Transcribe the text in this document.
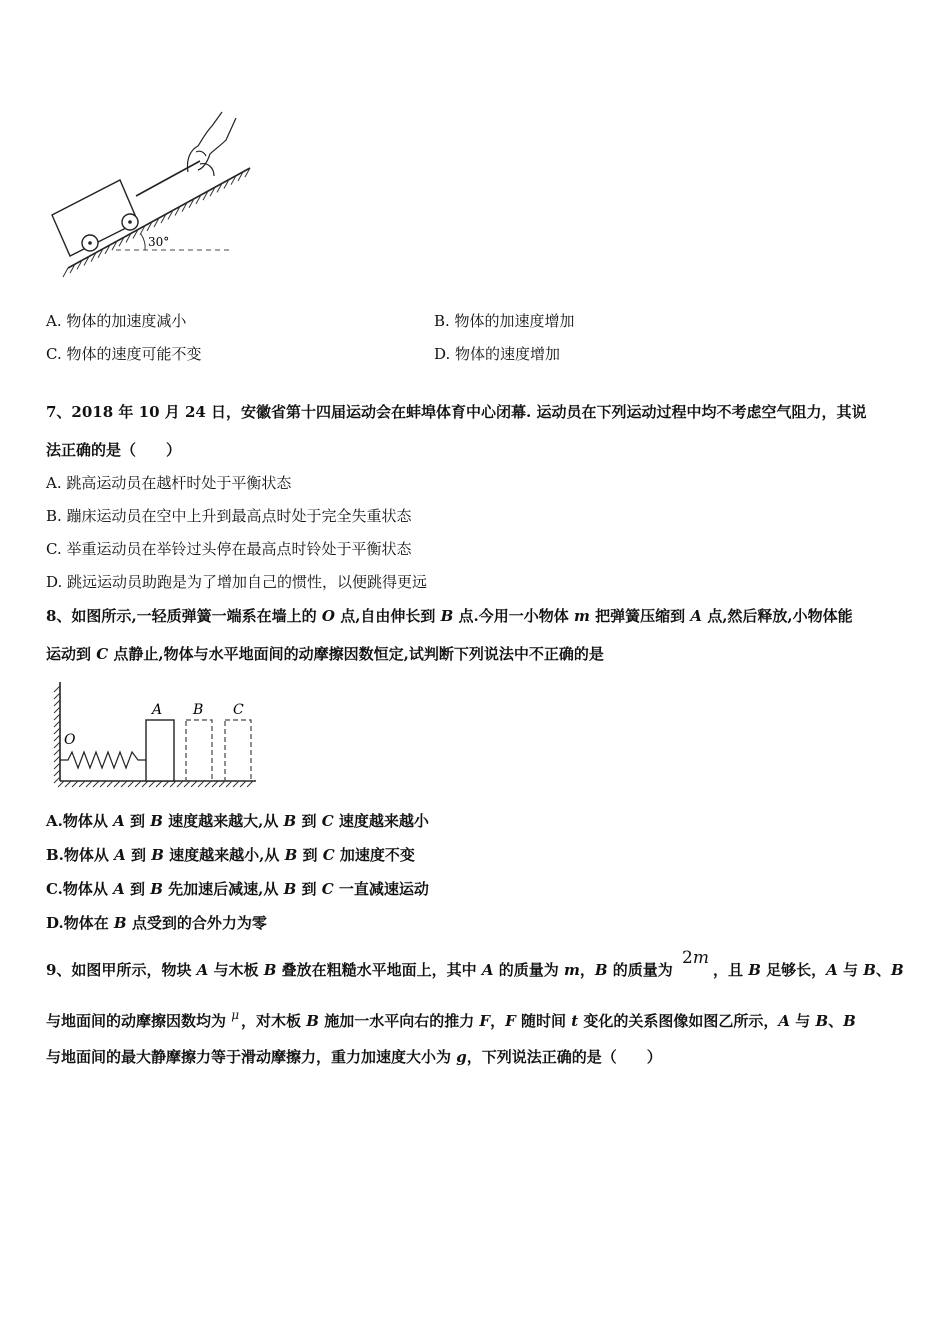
30°
A. 物体的加速度减小	B. 物体的加速度增加
C. 物体的速度可能不变	D. 物体的速度增加
7、2018 年 10 月 24 日，安徽省第十四届运动会在蚌埠体育中心闭幕. 运动员在下列运动过程中均不考虑空气阻力，其说
法正确的是（　　）
A. 跳高运动员在越杆时处于平衡状态
B. 蹦床运动员在空中上升到最高点时处于完全失重状态
C. 举重运动员在举铃过头停在最高点时铃处于平衡状态
D. 跳远运动员助跑是为了增加自己的惯性，以便跳得更远
8、如图所示,一轻质弹簧一端系在墙上的 O 点,自由伸长到 B 点.今用一小物体 m 把弹簧压缩到 A 点,然后释放,小物体能
运动到 C 点静止,物体与水平地面间的动摩擦因数恒定,试判断下列说法中不正确的是
O
A B C
A.物体从 A 到 B 速度越来越大,从 B 到 C 速度越来越小
B.物体从 A 到 B 速度越来越小,从 B 到 C 加速度不变
C.物体从 A 到 B 先加速后减速,从 B 到 C 一直减速运动
D.物体在 B 点受到的合外力为零
9、如图甲所示，物块 A 与木板 B 叠放在粗糙水平地面上，其中 A 的质量为 m，B 的质量为 2m，且 B 足够长，A 与 B、B
与地面间的动摩擦因数均为 μ ，对木板 B 施加一水平向右的推力 F，F 随时间 t 变化的关系图像如图乙所示，A 与 B、B
与地面间的最大静摩擦力等于滑动摩擦力，重力加速度大小为 g，下列说法正确的是（　　）
